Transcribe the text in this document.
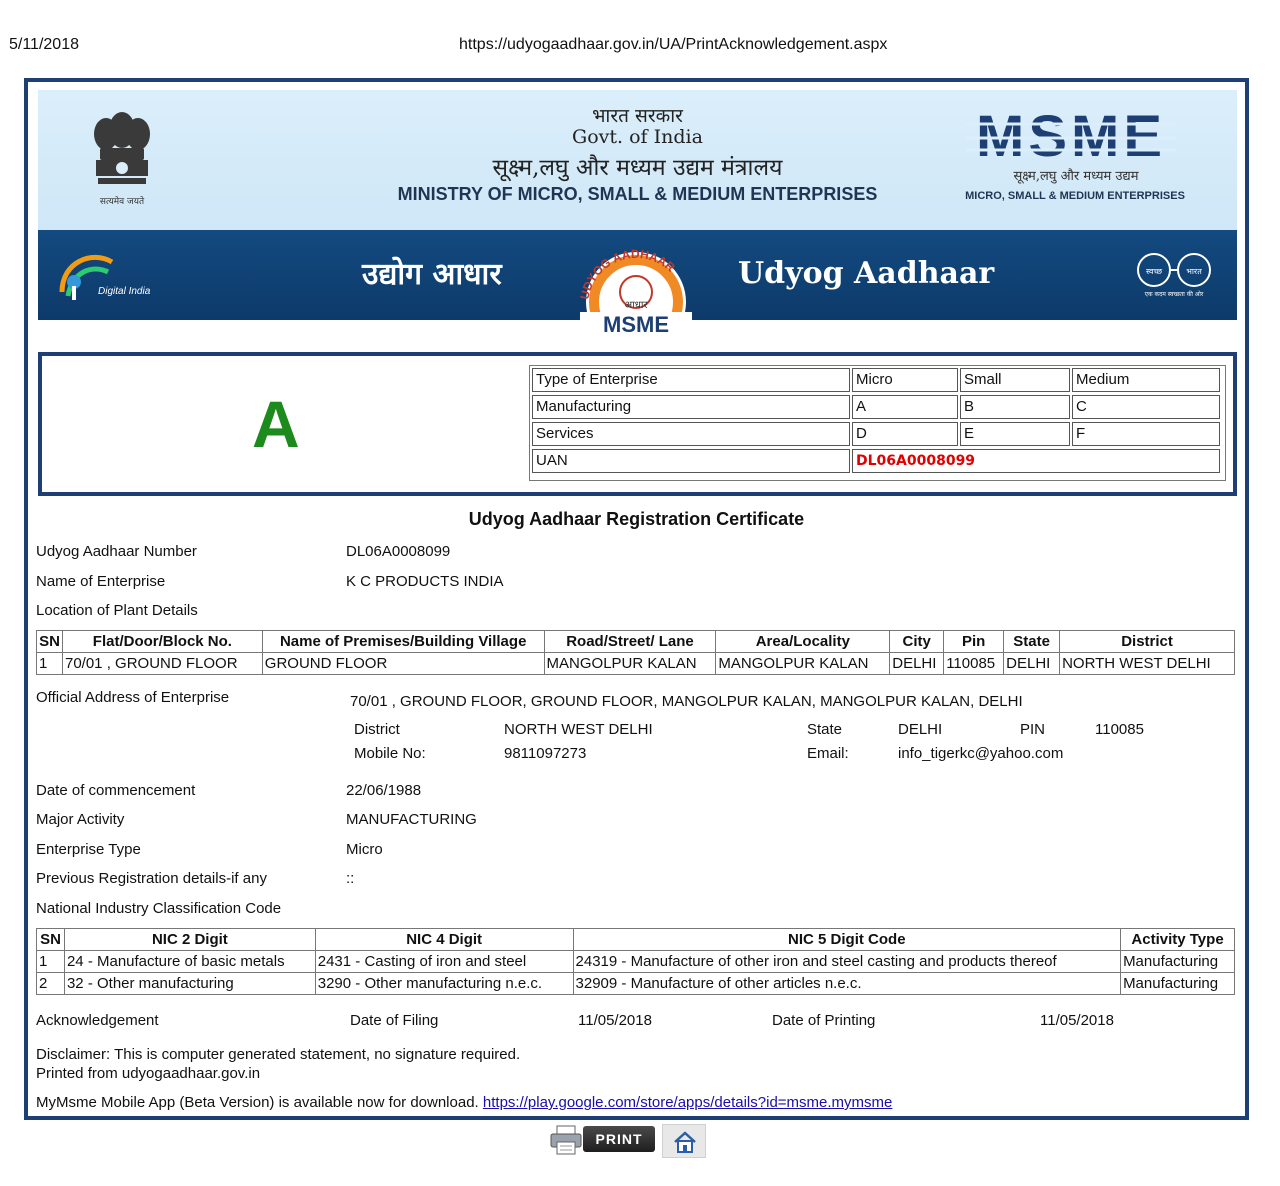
5/11/2018	https://udyogaadhaar.gov.in/UA/PrintAcknowledgement.aspx
सत्यमेव जयते
भारत सरकार
Govt. of India
सूक्ष्म,लघु और मध्यम उद्यम मंत्रालय
MINISTRY OF MICRO, SMALL & MEDIUM ENTERPRISES
MSME
सूक्ष्म,लघु और मध्यम उद्यम
MICRO, SMALL & MEDIUM ENTERPRISES
Digital India	उद्योग आधार
UDYOG AADHAAR
आधार
MSME
Udyog Aadhaar	स्वच्छ	भारत
एक कदम स्वच्छता की ओर
A
Type of Enterprise	Micro	Small	Medium
Manufacturing	A	B	C
Services	D	E	F
UAN	DL06A0008099
Udyog Aadhaar Registration Certificate
Udyog Aadhaar Number	DL06A0008099
Name of Enterprise	K C PRODUCTS INDIA
Location of Plant Details
SN	Flat/Door/Block No.	Name of Premises/Building Village	Road/Street/ Lane	Area/Locality	City	Pin	State	District
1	70/01 , GROUND FLOOR	GROUND FLOOR	MANGOLPUR KALAN	MANGOLPUR KALAN	DELHI	110085	DELHI	NORTH WEST DELHI
Official Address of Enterprise	70/01 , GROUND FLOOR, GROUND FLOOR, MANGOLPUR KALAN, MANGOLPUR KALAN, DELHI
District	NORTH WEST DELHI	State	DELHI	PIN	110085
Mobile No:	9811097273	Email:	info_tigerkc@yahoo.com
Date of commencement	22/06/1988
Major Activity	MANUFACTURING
Enterprise Type	Micro
Previous Registration details-if any	::
National Industry Classification Code
SN	NIC 2 Digit	NIC 4 Digit	NIC 5 Digit Code	Activity Type
1	24 - Manufacture of basic metals	2431 - Casting of iron and steel	24319 - Manufacture of other iron and steel casting and products thereof	Manufacturing
2	32 - Other manufacturing	3290 - Other manufacturing n.e.c.	32909 - Manufacture of other articles n.e.c.	Manufacturing
Acknowledgement	Date of Filing	11/05/2018	Date of Printing	11/05/2018
Disclaimer: This is computer generated statement, no signature required.
Printed from udyogaadhaar.gov.in
MyMsme Mobile App (Beta Version) is available now for download. https://play.google.com/store/apps/details?id=msme.mymsme
PRINT
